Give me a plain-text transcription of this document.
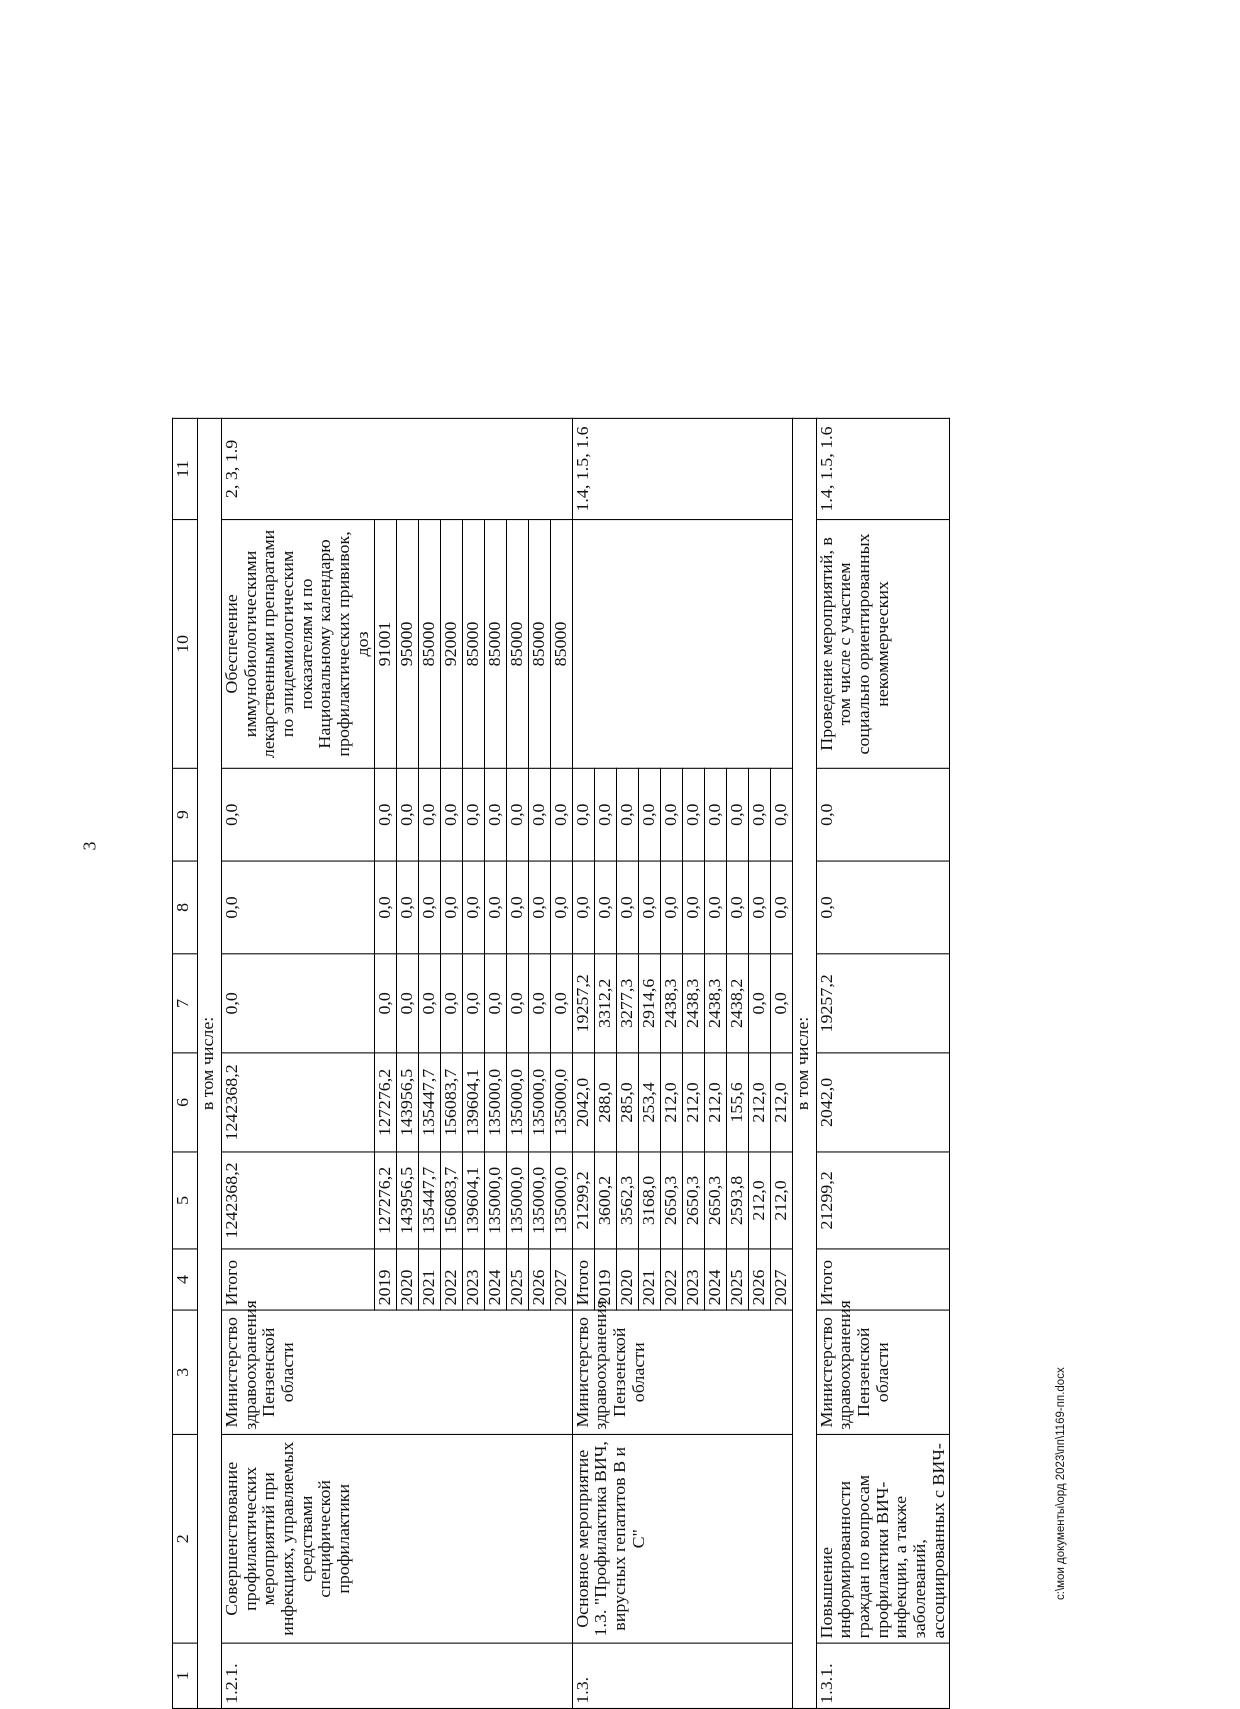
3
c:\мои документы\орд 2023\пп\1169-пп.docx
1	2	3	4	5	6	7	8	9	10	11	
в том числе:											
1.2.1.	Совершенствование профилактических мероприятий при инфекциях, управляемых средствами специфической профилактики	Министерство здравоохранения Пензенской области	Итого	1242368,2	1242368,2	0,0	0,0	0,0	Обеспечение иммунобиологическими лекарственными препаратами по эпидемиологическим показателям и по Национальному календарю профилактических прививок, доз	2, 3, 1.9	
			2019	127276,2	127276,2	0,0	0,0	0,0	91001		
			2020	143956,5	143956,5	0,0	0,0	0,0	95000		
			2021	135447,7	135447,7	0,0	0,0	0,0	85000		
			2022	156083,7	156083,7	0,0	0,0	0,0	92000		
			2023	139604,1	139604,1	0,0	0,0	0,0	85000		
			2024	135000,0	135000,0	0,0	0,0	0,0	85000		
			2025	135000,0	135000,0	0,0	0,0	0,0	85000		
			2026	135000,0	135000,0	0,0	0,0	0,0	85000		
			2027	135000,0	135000,0	0,0	0,0	0,0	85000		
1.3.	Основное мероприятие 1.3. "Профилактика ВИЧ, вирусных гепатитов В и С"	Министерство здравоохранения Пензенской области	Итого	21299,2	2042,0	19257,2	0,0	0,0		1.4, 1.5, 1.6	
			2019	3600,2	288,0	3312,2	0,0	0,0			
			2020	3562,3	285,0	3277,3	0,0	0,0			
			2021	3168,0	253,4	2914,6	0,0	0,0			
			2022	2650,3	212,0	2438,3	0,0	0,0			
			2023	2650,3	212,0	2438,3	0,0	0,0			
			2024	2650,3	212,0	2438,3	0,0	0,0			
			2025	2593,8	155,6	2438,2	0,0	0,0			
			2026	212,0	212,0	0,0	0,0	0,0			
			2027	212,0	212,0	0,0	0,0	0,0			
в том числе:											
1.3.1.	Повышение информированности граждан по вопросам профилактики ВИЧ-инфекции, а также заболеваний, ассоциированных с ВИЧ-	Министерство здравоохранения Пензенской области	Итого	21299,2	2042,0	19257,2	0,0	0,0	Проведение мероприятий, в том числе с участием социально ориентированных некоммерческих	1.4, 1.5, 1.6	
